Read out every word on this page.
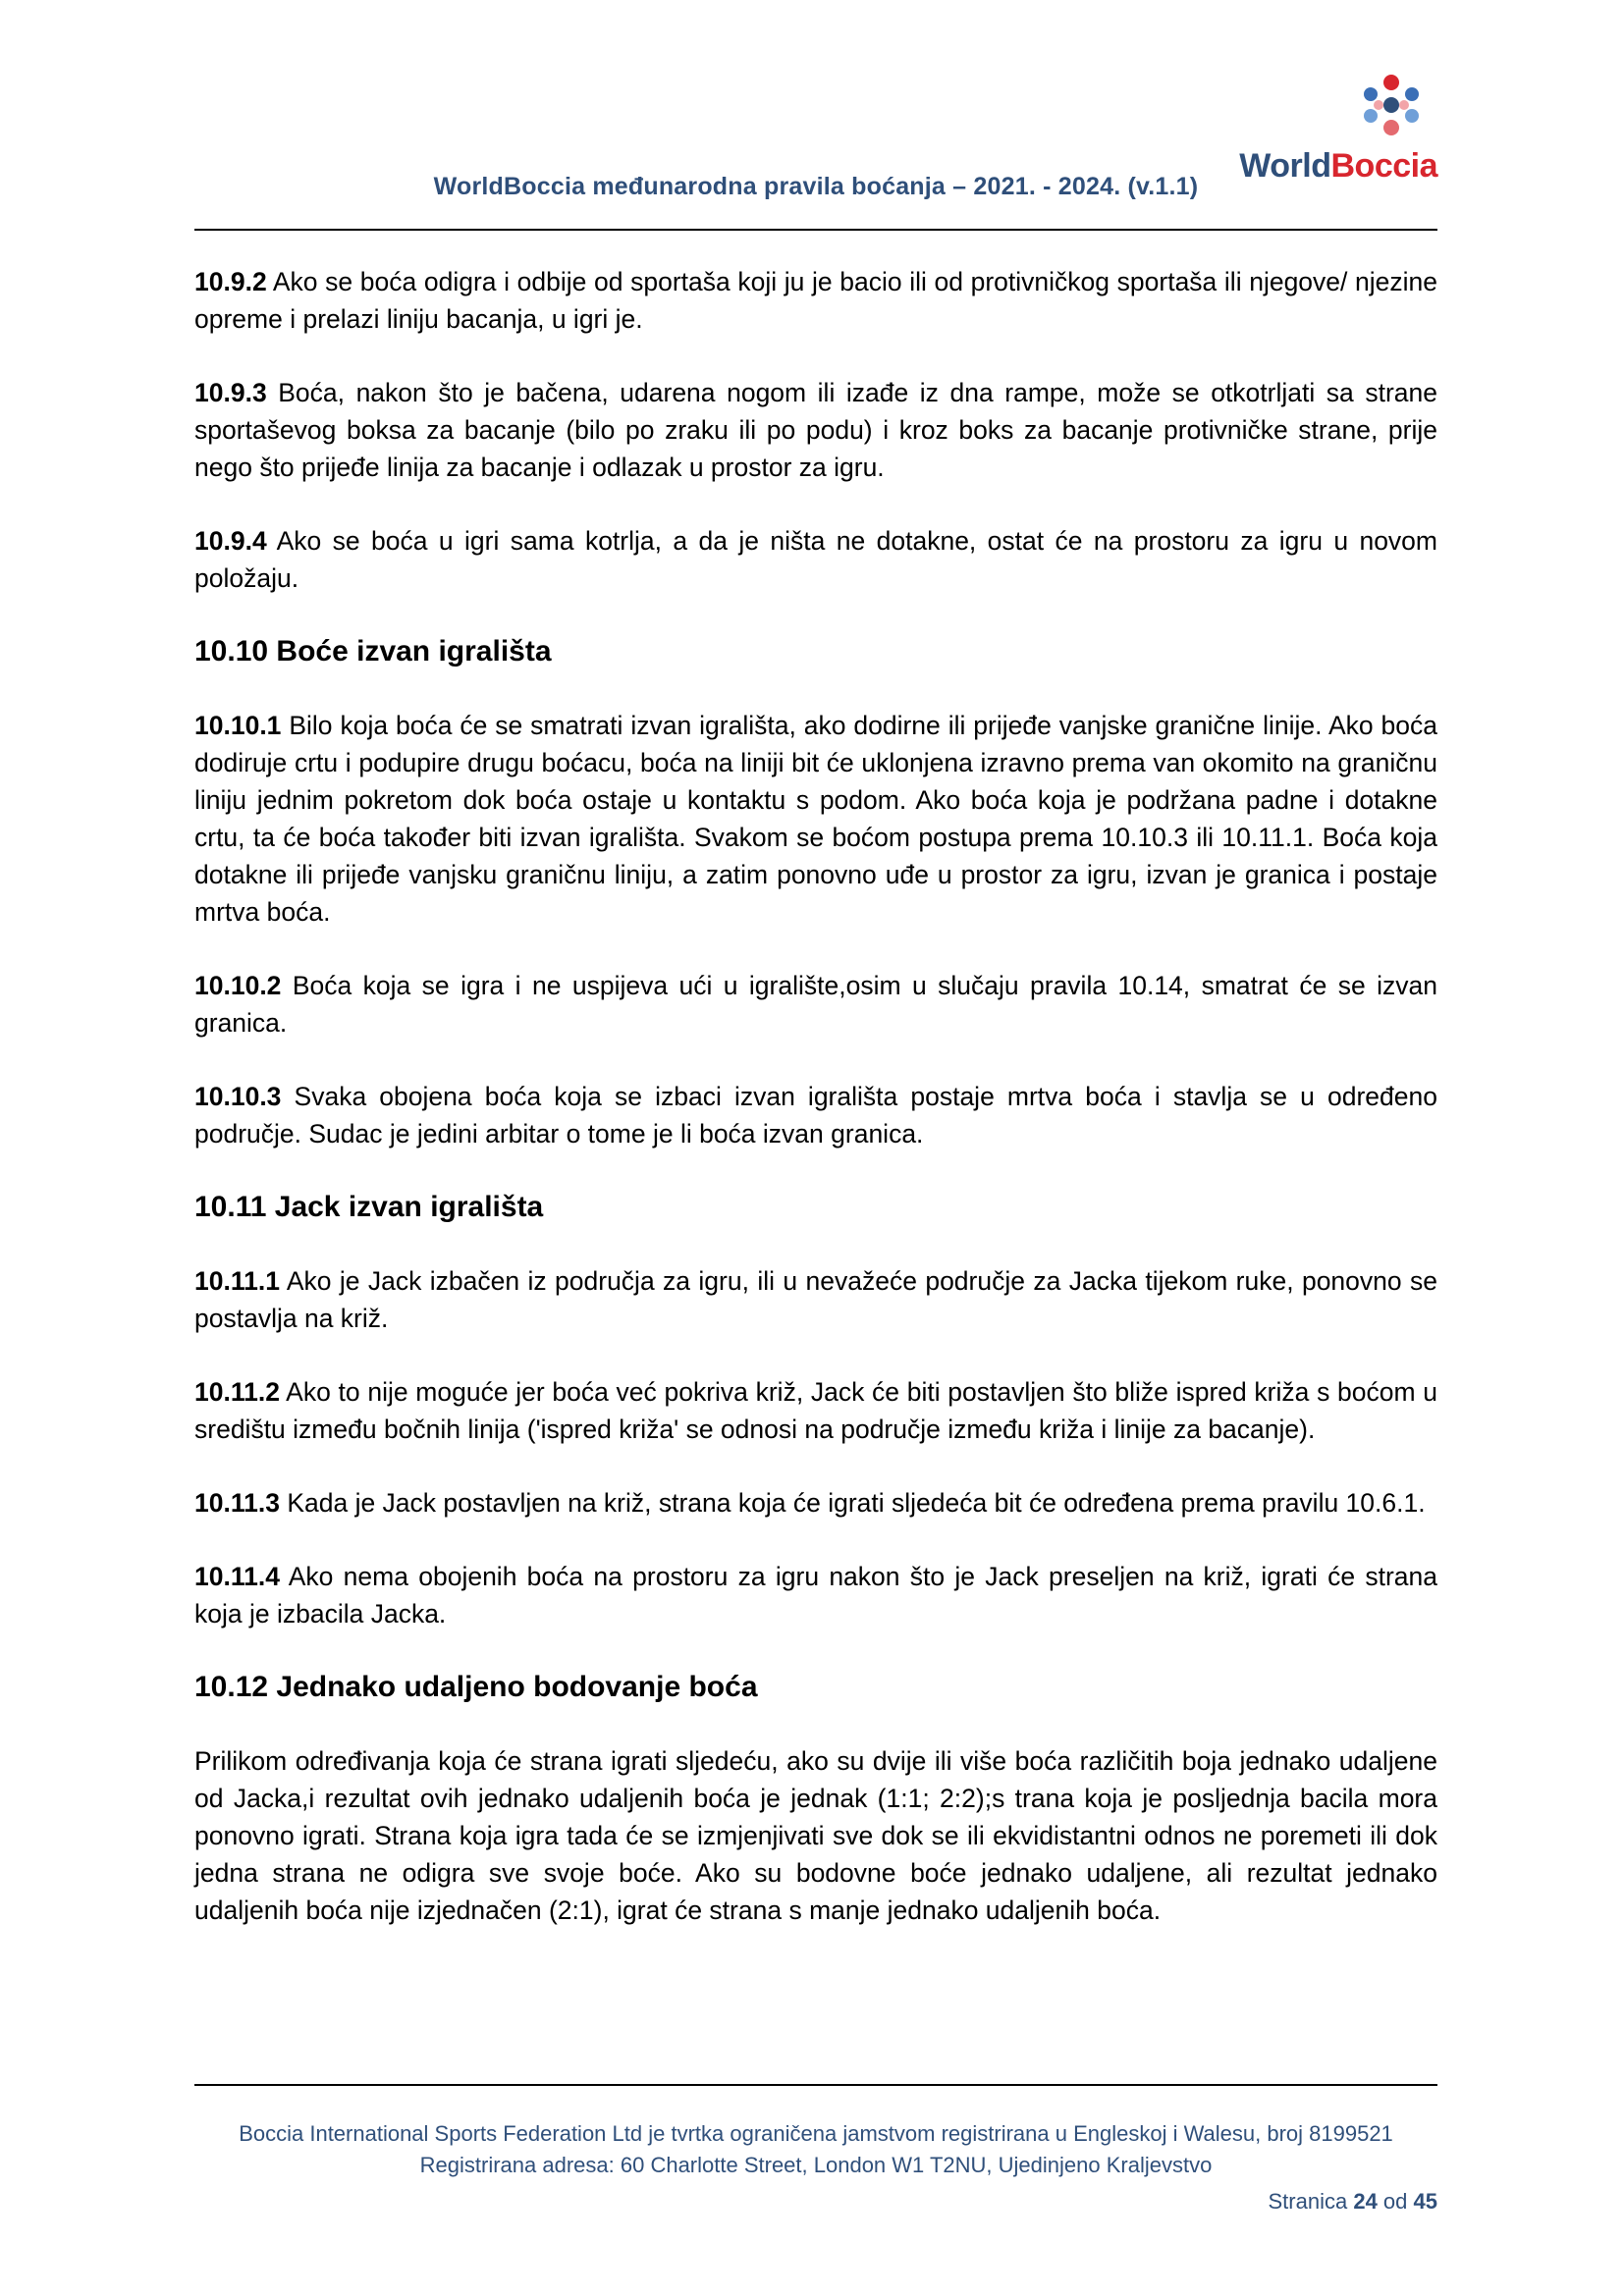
WorldBoccia
WorldBoccia međunarodna pravila boćanja – 2021. - 2024. (v.1.1)

10.9.2 Ako se boća odigra i odbije od sportaša koji ju je bacio ili od protivničkog sportaša ili njegove/ njezine opreme i prelazi liniju bacanja, u igri je.

10.9.3 Boća, nakon što je bačena, udarena nogom ili izađe iz dna rampe, može se otkotrljati sa strane sportaševog boksa za bacanje (bilo po zraku ili po podu) i kroz boks za bacanje protivničke strane, prije nego što prijeđe linija za bacanje i odlazak u prostor za igru.

10.9.4 Ako se boća u igri sama kotrlja, a da je ništa ne dotakne, ostat će na prostoru za igru u novom položaju.

10.10 Boće izvan igrališta

10.10.1 Bilo koja boća će se smatrati izvan igrališta, ako dodirne ili prijeđe vanjske granične linije. Ako boća dodiruje crtu i podupire drugu boćacu, boća na liniji bit će uklonjena izravno prema van okomito na graničnu liniju jednim pokretom dok boća ostaje u kontaktu s podom. Ako boća koja je podržana padne i dotakne crtu, ta će boća također biti izvan igrališta. Svakom se boćom postupa prema 10.10.3 ili 10.11.1. Boća koja dotakne ili prijeđe vanjsku graničnu liniju, a zatim ponovno uđe u prostor za igru, izvan je granica i postaje mrtva boća.

10.10.2 Boća koja se igra i ne uspijeva ući u igralište,osim u slučaju pravila 10.14, smatrat će se izvan granica.

10.10.3 Svaka obojena boća koja se izbaci izvan igrališta postaje mrtva boća i stavlja se u određeno područje. Sudac je jedini arbitar o tome je li boća izvan granica.

10.11 Jack izvan igrališta

10.11.1 Ako je Jack izbačen iz područja za igru, ili u nevažeće područje za Jacka tijekom ruke, ponovno se postavlja na križ.

10.11.2 Ako to nije moguće jer boća već pokriva križ, Jack će biti postavljen što bliže ispred križa s boćom u središtu između bočnih linija ('ispred križa' se odnosi na područje između križa i linije za bacanje).

10.11.3 Kada je Jack postavljen na križ, strana koja će igrati sljedeća bit će određena prema pravilu 10.6.1.

10.11.4 Ako nema obojenih boća na prostoru za igru nakon što je Jack preseljen na križ, igrati će strana koja je izbacila Jacka.

10.12 Jednako udaljeno bodovanje boća

Prilikom određivanja koja će strana igrati sljedeću, ako su dvije ili više boća različitih boja jednako udaljene od Jacka,i rezultat ovih jednako udaljenih boća je jednak (1:1; 2:2);s trana koja je posljednja bacila mora ponovno igrati. Strana koja igra tada će se izmjenjivati sve dok se ili ekvidistantni odnos ne poremeti ili dok jedna strana ne odigra sve svoje boće. Ako su bodovne boće jednako udaljene, ali rezultat jednako udaljenih boća nije izjednačen (2:1), igrat će strana s manje jednako udaljenih boća.

Boccia International Sports Federation Ltd je tvrtka ograničena jamstvom registrirana u Engleskoj i Walesu, broj 8199521
Registrirana adresa: 60 Charlotte Street, London W1 T2NU, Ujedinjeno Kraljevstvo
Stranica 24 od 45
